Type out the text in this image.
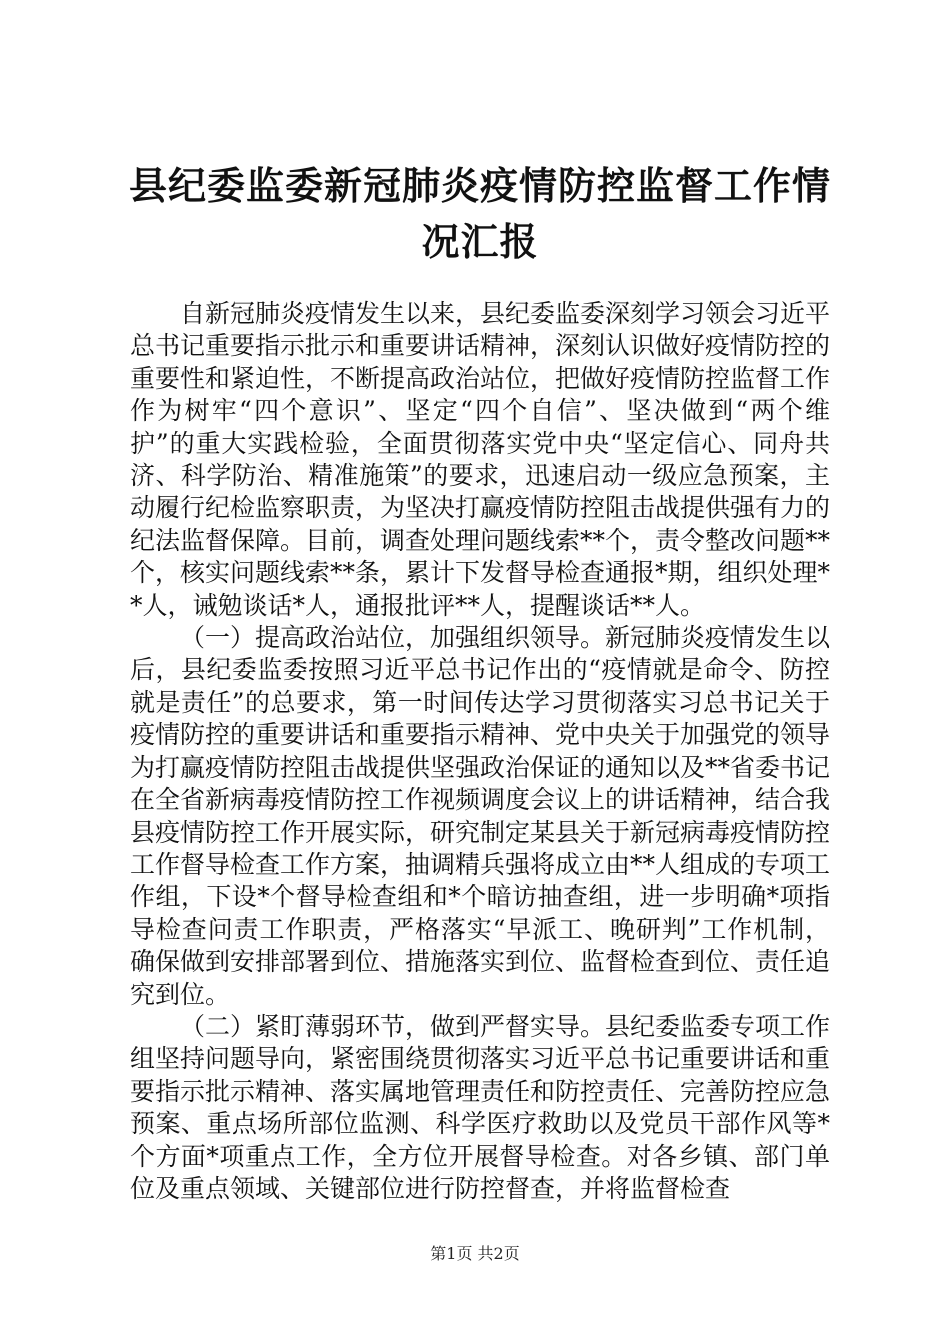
县纪委监委新冠肺炎疫情防控监督工作情况汇报

自新冠肺炎疫情发生以来，县纪委监委深刻学习领会习近平总书记重要指示批示和重要讲话精神，深刻认识做好疫情防控的重要性和紧迫性，不断提高政治站位，把做好疫情防控监督工作作为树牢“四个意识”、坚定“四个自信”、坚决做到“两个维护”的重大实践检验，全面贯彻落实党中央“坚定信心、同舟共济、科学防治、精准施策”的要求，迅速启动一级应急预案，主动履行纪检监察职责，为坚决打赢疫情防控阻击战提供强有力的纪法监督保障。目前，调查处理问题线索**个，责令整改问题**个，核实问题线索**条，累计下发督导检查通报*期，组织处理**人，诫勉谈话*人，通报批评**人，提醒谈话**人。

（一）提高政治站位，加强组织领导。新冠肺炎疫情发生以后，县纪委监委按照习近平总书记作出的“疫情就是命令、防控就是责任”的总要求，第一时间传达学习贯彻落实习总书记关于疫情防控的重要讲话和重要指示精神、党中央关于加强党的领导为打赢疫情防控阻击战提供坚强政治保证的通知以及**省委书记在全省新病毒疫情防控工作视频调度会议上的讲话精神，结合我县疫情防控工作开展实际，研究制定某县关于新冠病毒疫情防控工作督导检查工作方案，抽调精兵强将成立由**人组成的专项工作组，下设*个督导检查组和*个暗访抽查组，进一步明确*项指导检查问责工作职责，严格落实“早派工、晚研判”工作机制，确保做到安排部署到位、措施落实到位、监督检查到位、责任追究到位。

（二）紧盯薄弱环节，做到严督实导。县纪委监委专项工作组坚持问题导向，紧密围绕贯彻落实习近平总书记重要讲话和重要指示批示精神、落实属地管理责任和防控责任、完善防控应急预案、重点场所部位监测、科学医疗救助以及党员干部作风等*个方面*项重点工作，全方位开展督导检查。对各乡镇、部门单位及重点领域、关键部位进行防控督查，并将监督检查

第1页 共2页
